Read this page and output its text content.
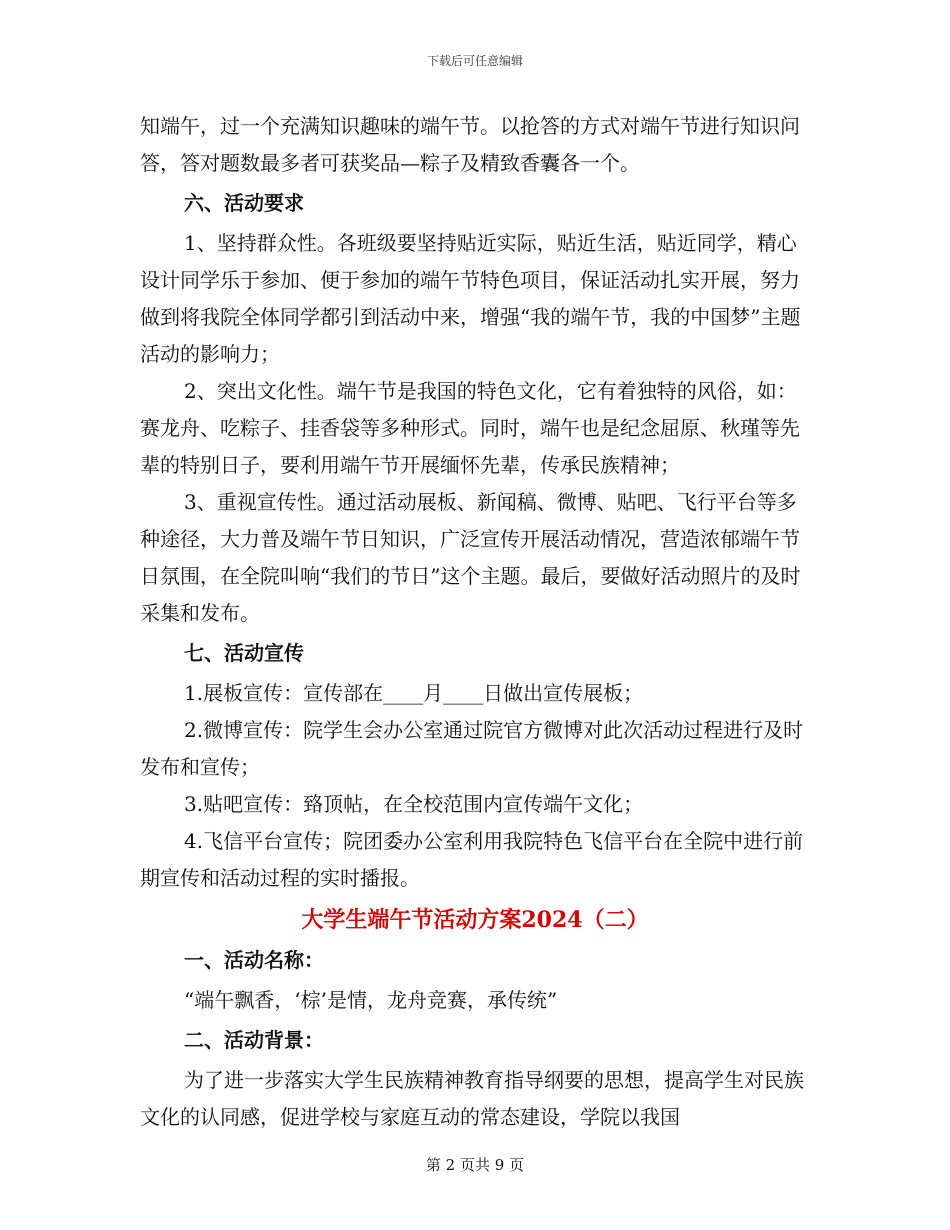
下载后可任意编辑

知端午，过一个充满知识趣味的端午节。以抢答的方式对端午节进行知识问答，答对题数最多者可获奖品—粽子及精致香囊各一个。

六、活动要求

1、坚持群众性。各班级要坚持贴近实际，贴近生活，贴近同学，精心设计同学乐于参加、便于参加的端午节特色项目，保证活动扎实开展，努力做到将我院全体同学都引到活动中来，增强“我的端午节，我的中国梦”主题活动的影响力；

2、突出文化性。端午节是我国的特色文化，它有着独特的风俗，如：赛龙舟、吃粽子、挂香袋等多种形式。同时，端午也是纪念屈原、秋瑾等先辈的特别日子，要利用端午节开展缅怀先辈，传承民族精神；

3、重视宣传性。通过活动展板、新闻稿、微博、贴吧、飞行平台等多种途径，大力普及端午节日知识，广泛宣传开展活动情况，营造浓郁端午节日氛围，在全院叫响“我们的节日”这个主题。最后，要做好活动照片的及时采集和发布。

七、活动宣传

1.展板宣传：宣传部在____月____日做出宣传展板；

2.微博宣传：院学生会办公室通过院官方微博对此次活动过程进行及时发布和宣传；

3.贴吧宣传：臵顶帖，在全校范围内宣传端午文化；

4.飞信平台宣传；院团委办公室利用我院特色飞信平台在全院中进行前期宣传和活动过程的实时播报。

大学生端午节活动方案2024（二）
一、活动名称：

“端午飘香，‘棕’是情，龙舟竞赛，承传统”

二、活动背景：

为了进一步落实大学生民族精神教育指导纲要的思想，提高学生对民族文化的认同感，促进学校与家庭互动的常态建设，学院以我国

第 2 页共 9 页
